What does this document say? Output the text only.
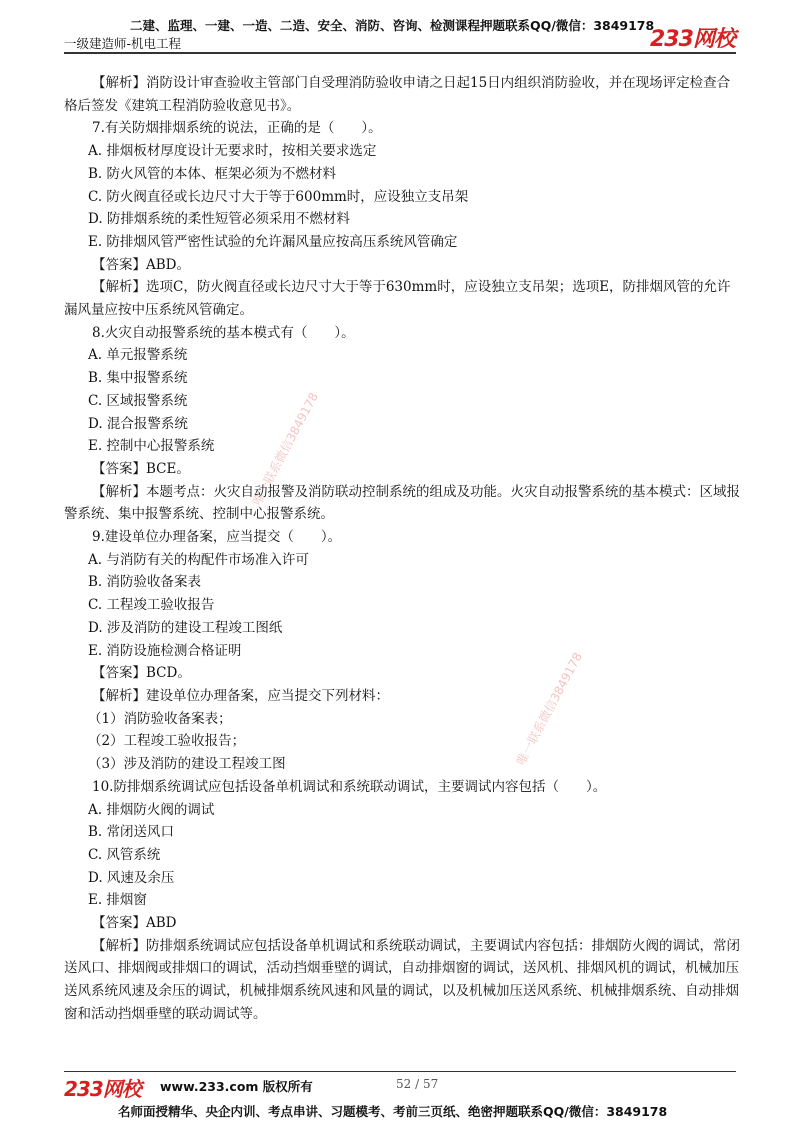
二建、监理、一建、一造、二造、安全、消防、咨询、检测课程押题联系QQ/微信：3849178
一级建造师-机电工程	233网校

【解析】消防设计审查验收主管部门自受理消防验收申请之日起15日内组织消防验收，并在现场评定检查合格后签发《建筑工程消防验收意见书》。

7.有关防烟排烟系统的说法，正确的是（　　）。

A. 排烟板材厚度设计无要求时，按相关要求选定

B. 防火风管的本体、框架必须为不燃材料

C. 防火阀直径或长边尺寸大于等于600mm时，应设独立支吊架

D. 防排烟系统的柔性短管必须采用不燃材料

E. 防排烟风管严密性试验的允许漏风量应按高压系统风管确定

【答案】ABD。

【解析】选项C，防火阀直径或长边尺寸大于等于630mm时，应设独立支吊架；选项E，防排烟风管的允许漏风量应按中压系统风管确定。

8.火灾自动报警系统的基本模式有（　　）。

A. 单元报警系统

B. 集中报警系统

C. 区域报警系统

D. 混合报警系统

E. 控制中心报警系统

【答案】BCE。

【解析】本题考点：火灾自动报警及消防联动控制系统的组成及功能。火灾自动报警系统的基本模式：区域报警系统、集中报警系统、控制中心报警系统。

9.建设单位办理备案，应当提交（　　）。

A. 与消防有关的构配件市场准入许可

B. 消防验收备案表

C. 工程竣工验收报告

D. 涉及消防的建设工程竣工图纸

E. 消防设施检测合格证明

【答案】BCD。

【解析】建设单位办理备案，应当提交下列材料：

（1）消防验收备案表；

（2）工程竣工验收报告；

（3）涉及消防的建设工程竣工图

10.防排烟系统调试应包括设备单机调试和系统联动调试，主要调试内容包括（　　）。

A. 排烟防火阀的调试

B. 常闭送风口

C. 风管系统

D. 风速及余压

E. 排烟窗

【答案】ABD

【解析】防排烟系统调试应包括设备单机调试和系统联动调试，主要调试内容包括：排烟防火阀的调试，常闭送风口、排烟阀或排烟口的调试，活动挡烟垂壁的调试，自动排烟窗的调试，送风机、排烟风机的调试，机械加压送风系统风速及余压的调试，机械排烟系统风速和风量的调试，以及机械加压送风系统、机械排烟系统、自动排烟窗和活动挡烟垂壁的联动调试等。

唯一联系微信3849178
唯一联系微信3849178
233网校 www.233.com 版权所有	52 / 57
名师面授精华、央企内训、考点串讲、习题模考、考前三页纸、绝密押题联系QQ/微信：3849178
